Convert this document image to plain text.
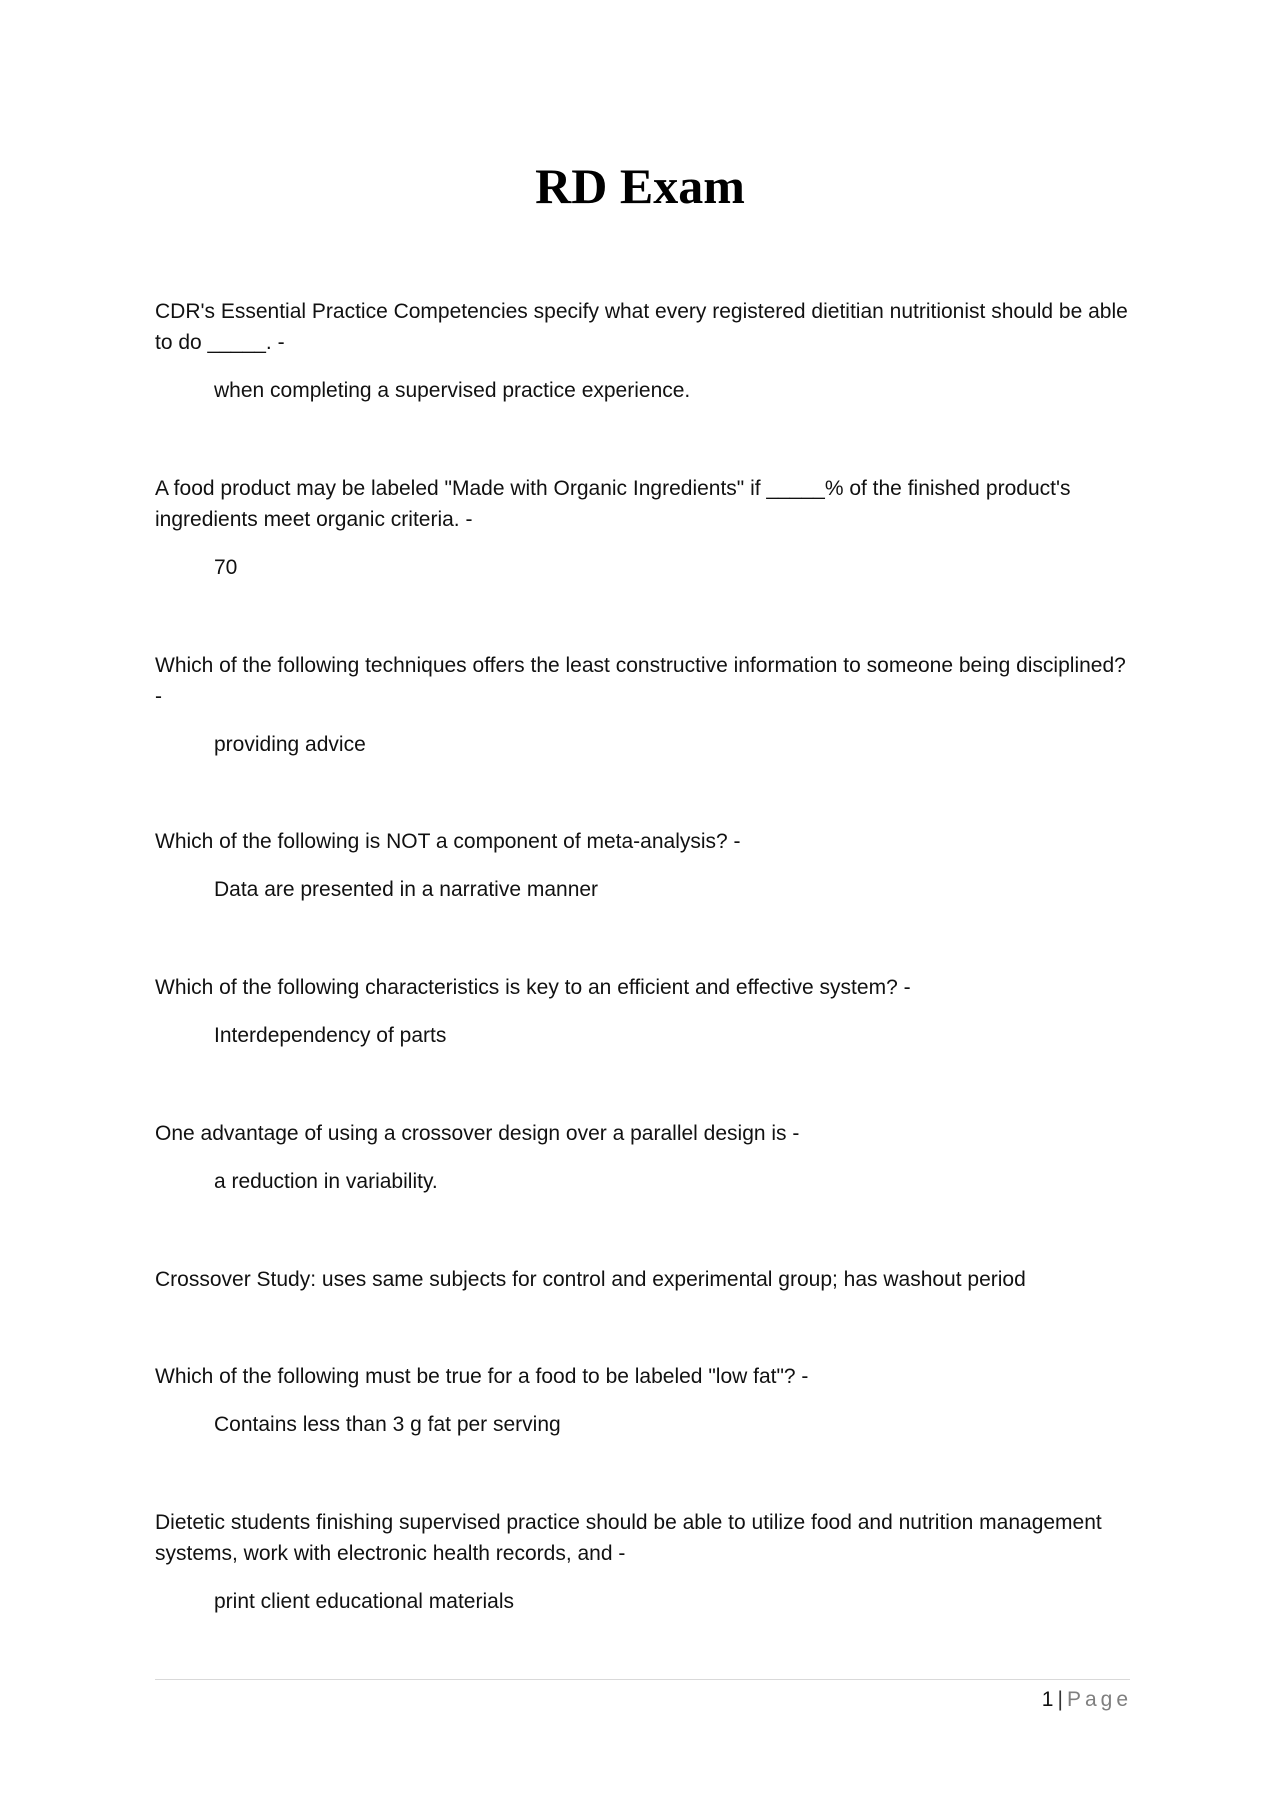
RD Exam

CDR's Essential Practice Competencies specify what every registered dietitian nutritionist should be able to do _____. -

when completing a supervised practice experience.

A food product may be labeled "Made with Organic Ingredients" if _____% of the finished product's ingredients meet organic criteria. -

70

Which of the following techniques offers the least constructive information to someone being disciplined? -

providing advice

Which of the following is NOT a component of meta-analysis? -

Data are presented in a narrative manner

Which of the following characteristics is key to an efficient and effective system? -

Interdependency of parts

One advantage of using a crossover design over a parallel design is -

a reduction in variability.

Crossover Study: uses same subjects for control and experimental group; has washout period

Which of the following must be true for a food to be labeled "low fat"? -

Contains less than 3 g fat per serving

Dietetic students finishing supervised practice should be able to utilize food and nutrition management systems, work with electronic health records, and -

print client educational materials

1 | Page
